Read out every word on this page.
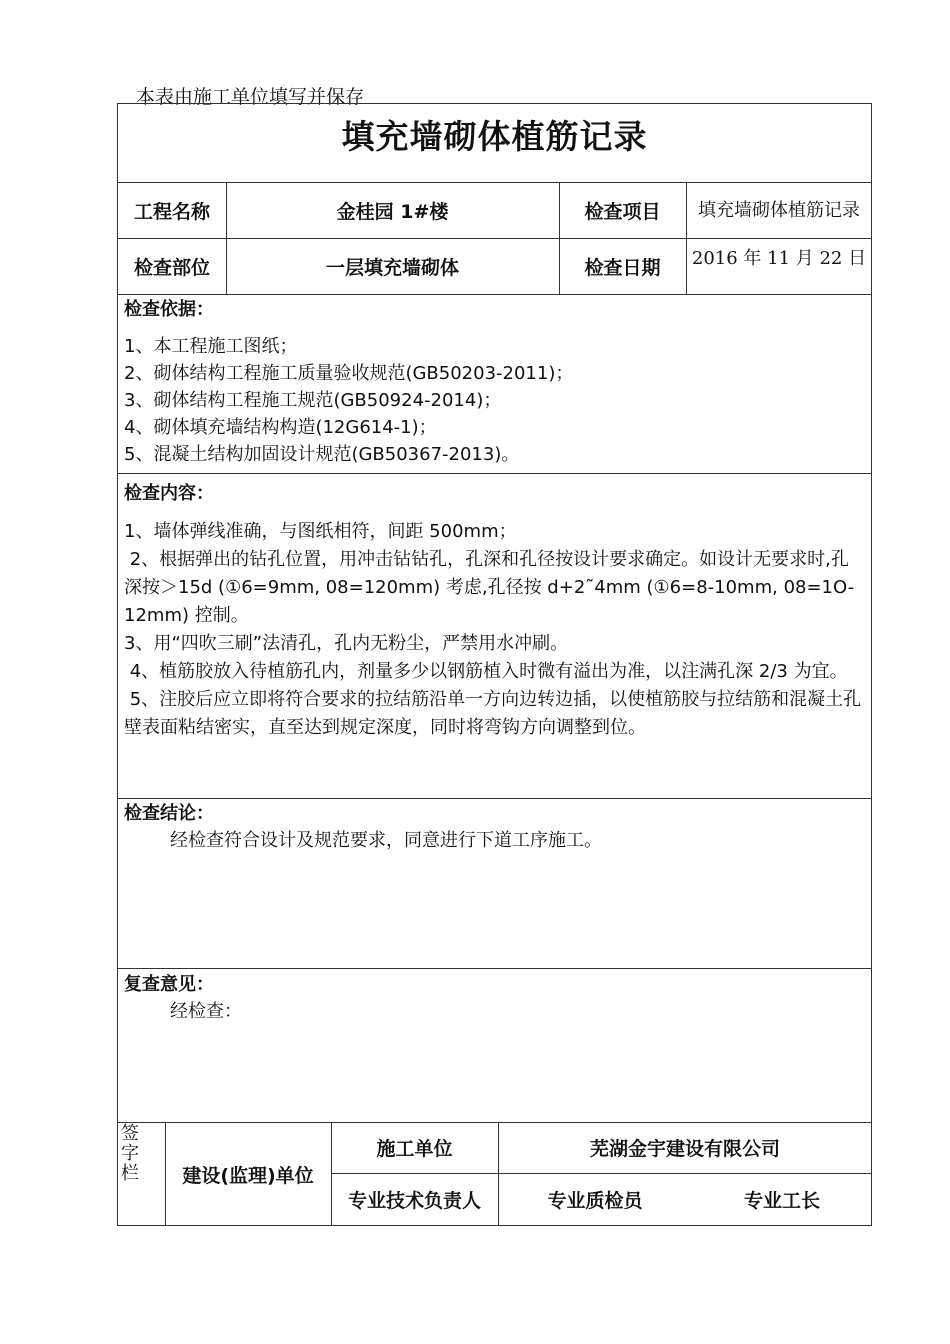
本表由施工单位填写并保存
填充墙砌体植筋记录
工程名称	金桂园 1#楼	检查项目	填充墙砌体植筋记录
检查部位	一层填充墙砌体	检查日期	2016 年 11 月 22 日
检查依据：
1、本工程施工图纸；
2、砌体结构工程施工质量验收规范(GB50203-2011)；
3、砌体结构工程施工规范(GB50924-2014)；
4、砌体填充墙结构构造(12G614-1)；
5、混凝土结构加固设计规范(GB50367-2013)。
检查内容：
1、墙体弹线准确，与图纸相符，间距 500mm；
2、根据弹出的钻孔位置，用冲击钻钻孔，孔深和孔径按设计要求确定。如设计无要求时,孔深按＞15d (①6=9mm, 08=120mm) 考虑,孔径按 d+2˜4mm (①6=8-10mm, 08=1O-12mm) 控制。
3、用“四吹三刷”法清孔，孔内无粉尘，严禁用水冲刷。
4、植筋胶放入待植筋孔内，剂量多少以钢筋植入时微有溢出为准，以注满孔深 2/3 为宜。
5、注胶后应立即将符合要求的拉结筋沿单一方向边转边插，以使植筋胶与拉结筋和混凝土孔壁表面粘结密实，直至达到规定深度，同时将弯钩方向调整到位。
检查结论：
经检查符合设计及规范要求，同意进行下道工序施工。
复查意见：
经检查：
签字栏	建设(监理)单位
施工单位	芜湖金宇建设有限公司
专业技术负责人	专业质检员	专业工长
